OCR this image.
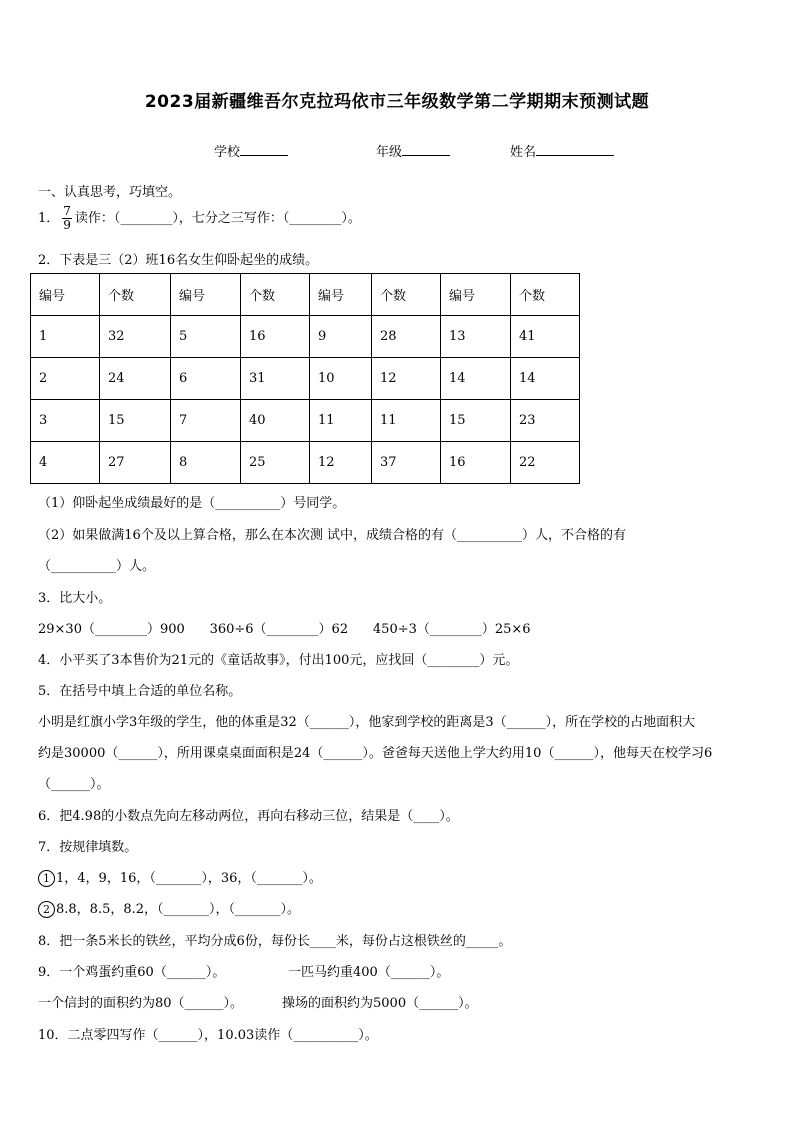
2023届新疆维吾尔克拉玛依市三年级数学第二学期期末预测试题
学校	年级	姓名
一、认真思考，巧填空。
1． $\frac{7}{9}$ 读作：（________），七分之三写作：（________）。
2．下表是三（2）班16名女生仰卧起坐的成绩。
编号	个数	编号	个数	编号	个数	编号	个数
1	32	5	16	9	28	13	41
2	24	6	31	10	12	14	14
3	15	7	40	11	11	15	23
4	27	8	25	12	37	16	22
（1）仰卧起坐成绩最好的是（__________）号同学。
（2）如果做满16个及以上算合格，那么在本次测 试中，成绩合格的有（__________）人，不合格的有
（__________）人。
3．比大小。
29×30（________）900      360÷6（________）62      450÷3（________）25×6
4．小平买了3本售价为21元的《童话故事》，付出100元，应找回（________）元。
5．在括号中填上合适的单位名称。
小明是红旗小学3年级的学生，他的体重是32（______），他家到学校的距离是3（______），所在学校的占地面积大
约是30000（______），所用课桌桌面面积是24（______）。爸爸每天送他上学大约用10（______），他每天在校学习6
（______）。
6．把4.98的小数点先向左移动两位，再向右移动三位，结果是（____）。
7．按规律填数。
1 1，4，9，16，（_______），36，（_______）。
2 8.8，8.5，8.2，（_______），（_______）。
8．把一条5米长的铁丝，平均分成6份，每份长____米，每份占这根铁丝的_____。
9．一个鸡蛋约重60（______）。	一匹马约重400（______）。
一个信封的面积约为80（______）。	操场的面积约为5000（______）。
10．二点零四写作（______），10.03读作（__________）。
